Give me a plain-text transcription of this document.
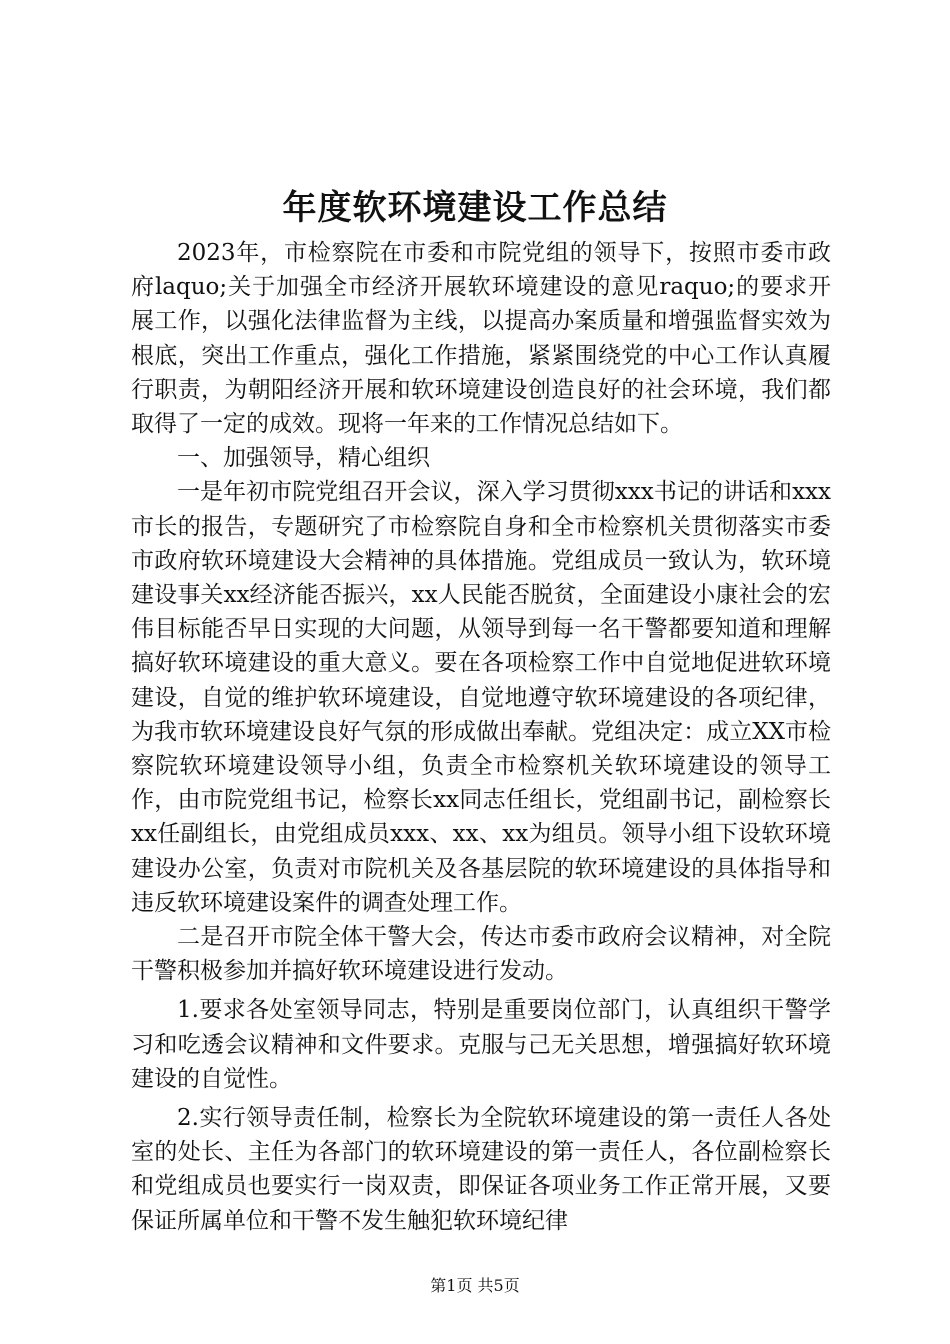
年度软环境建设工作总结

2023年，市检察院在市委和市院党组的领导下，按照市委市政府laquo;关于加强全市经济开展软环境建设的意见raquo;的要求开展工作，以强化法律监督为主线，以提高办案质量和增强监督实效为根底，突出工作重点，强化工作措施，紧紧围绕党的中心工作认真履行职责，为朝阳经济开展和软环境建设创造良好的社会环境，我们都取得了一定的成效。现将一年来的工作情况总结如下。

一、加强领导，精心组织

一是年初市院党组召开会议，深入学习贯彻xxx书记的讲话和xxx市长的报告，专题研究了市检察院自身和全市检察机关贯彻落实市委市政府软环境建设大会精神的具体措施。党组成员一致认为，软环境建设事关xx经济能否振兴，xx人民能否脱贫，全面建设小康社会的宏伟目标能否早日实现的大问题，从领导到每一名干警都要知道和理解搞好软环境建设的重大意义。要在各项检察工作中自觉地促进软环境建设，自觉的维护软环境建设，自觉地遵守软环境建设的各项纪律，为我市软环境建设良好气氛的形成做出奉献。党组决定：成立XX市检察院软环境建设领导小组，负责全市检察机关软环境建设的领导工作，由市院党组书记，检察长xx同志任组长，党组副书记，副检察长xx任副组长，由党组成员xxx、xx、xx为组员。领导小组下设软环境建设办公室，负责对市院机关及各基层院的软环境建设的具体指导和违反软环境建设案件的调查处理工作。

二是召开市院全体干警大会，传达市委市政府会议精神，对全院干警积极参加并搞好软环境建设进行发动。

1.要求各处室领导同志，特别是重要岗位部门，认真组织干警学习和吃透会议精神和文件要求。克服与己无关思想，增强搞好软环境建设的自觉性。

2.实行领导责任制，检察长为全院软环境建设的第一责任人各处室的处长、主任为各部门的软环境建设的第一责任人，各位副检察长和党组成员也要实行一岗双责，即保证各项业务工作正常开展，又要保证所属单位和干警不发生触犯软环境纪律

第1页 共5页
